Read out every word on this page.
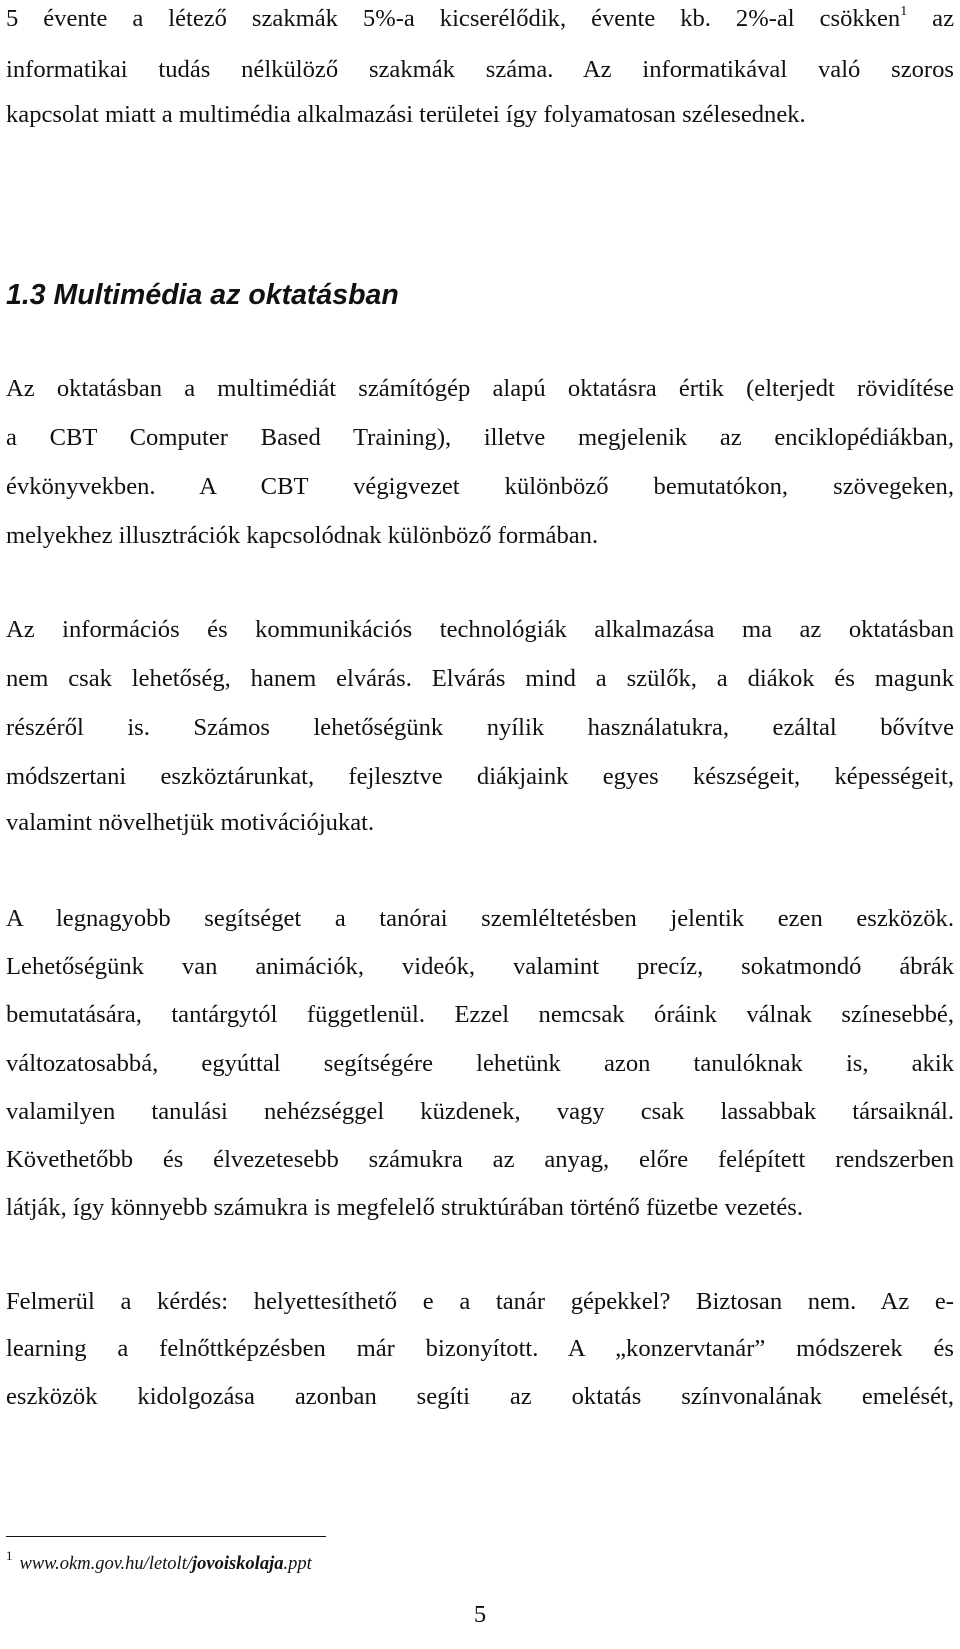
5 évente a létező szakmák 5%-a kicserélődik, évente kb. 2%-al csökken$^1$ az
informatikai tudás nélkülöző szakmák száma. Az informatikával való szoros
kapcsolat miatt a multimédia alkalmazási területei így folyamatosan szélesednek.
1.3 Multimédia az oktatásban
Az oktatásban a multimédiát számítógép alapú oktatásra értik (elterjedt rövidítése
a CBT Computer Based Training), illetve megjelenik az enciklopédiákban,
évkönyvekben. A CBT végigvezet különböző bemutatókon, szövegeken,
melyekhez illusztrációk kapcsolódnak különböző formában.
Az információs és kommunikációs technológiák alkalmazása ma az oktatásban
nem csak lehetőség, hanem elvárás. Elvárás mind a szülők, a diákok és magunk
részéről is. Számos lehetőségünk nyílik használatukra, ezáltal bővítve
módszertani eszköztárunkat, fejlesztve diákjaink egyes készségeit, képességeit,
valamint növelhetjük motivációjukat.
A legnagyobb segítséget a tanórai szemléltetésben jelentik ezen eszközök.
Lehetőségünk van animációk, videók, valamint precíz, sokatmondó ábrák
bemutatására, tantárgytól függetlenül. Ezzel nemcsak óráink válnak színesebbé,
változatosabbá, egyúttal segítségére lehetünk azon tanulóknak is, akik
valamilyen tanulási nehézséggel küzdenek, vagy csak lassabbak társaiknál.
Követhetőbb és élvezetesebb számukra az anyag, előre felépített rendszerben
látják, így könnyebb számukra is megfelelő struktúrában történő füzetbe vezetés.
Felmerül a kérdés: helyettesíthető e a tanár gépekkel? Biztosan nem. Az e-
learning a felnőttképzésben már bizonyított. A „konzervtanár” módszerek és
eszközök kidolgozása azonban segíti az oktatás színvonalának emelését,
$^1$ www.okm.gov.hu/letolt/jovoiskolaja.ppt
5
